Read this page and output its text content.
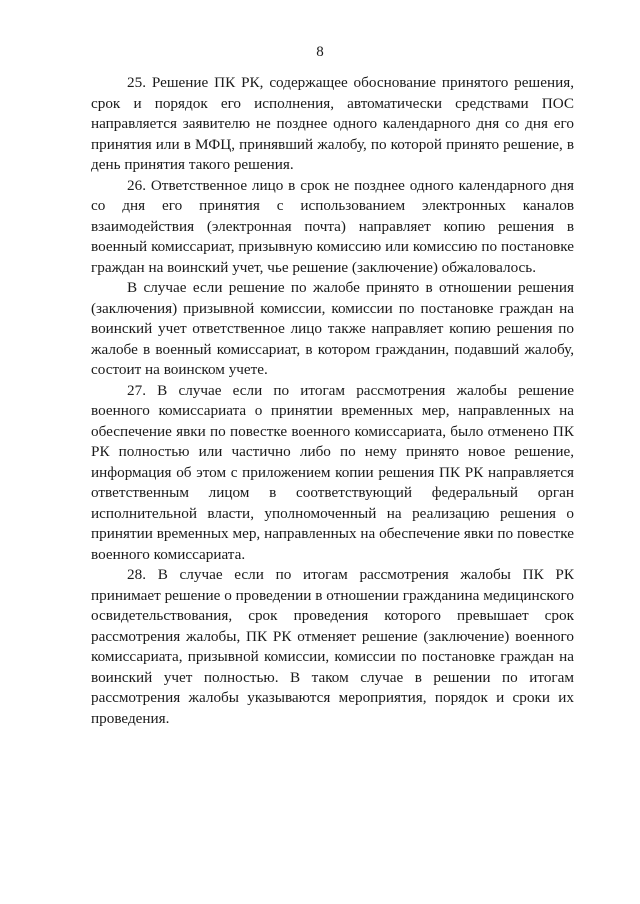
8

25. Решение ПК РК, содержащее обоснование принятого решения, срок и порядок его исполнения, автоматически средствами ПОС направляется заявителю не позднее одного календарного дня со дня его принятия или в МФЦ, принявший жалобу, по которой принято решение, в день принятия такого решения.

26. Ответственное лицо в срок не позднее одного календарного дня со дня его принятия с использованием электронных каналов взаимодействия (электронная почта) направляет копию решения в военный комиссариат, призывную комиссию или комиссию по постановке граждан на воинский учет, чье решение (заключение) обжаловалось.

В случае если решение по жалобе принято в отношении решения (заключения) призывной комиссии, комиссии по постановке граждан на воинский учет ответственное лицо также направляет копию решения по жалобе в военный комиссариат, в котором гражданин, подавший жалобу, состоит на воинском учете.

27. В случае если по итогам рассмотрения жалобы решение военного комиссариата о принятии временных мер, направленных на обеспечение явки по повестке военного комиссариата, было отменено ПК РК полностью или частично либо по нему принято новое решение, информация об этом с приложением копии решения ПК РК направляется ответственным лицом в соответствующий федеральный орган исполнительной власти, уполномоченный на реализацию решения о принятии временных мер, направленных на обеспечение явки по повестке военного комиссариата.

28. В случае если по итогам рассмотрения жалобы ПК РК принимает решение о проведении в отношении гражданина медицинского освидетельствования, срок проведения которого превышает срок рассмотрения жалобы, ПК РК отменяет решение (заключение) военного комиссариата, призывной комиссии, комиссии по постановке граждан на воинский учет полностью. В таком случае в решении по итогам рассмотрения жалобы указываются мероприятия, порядок и сроки их проведения.
